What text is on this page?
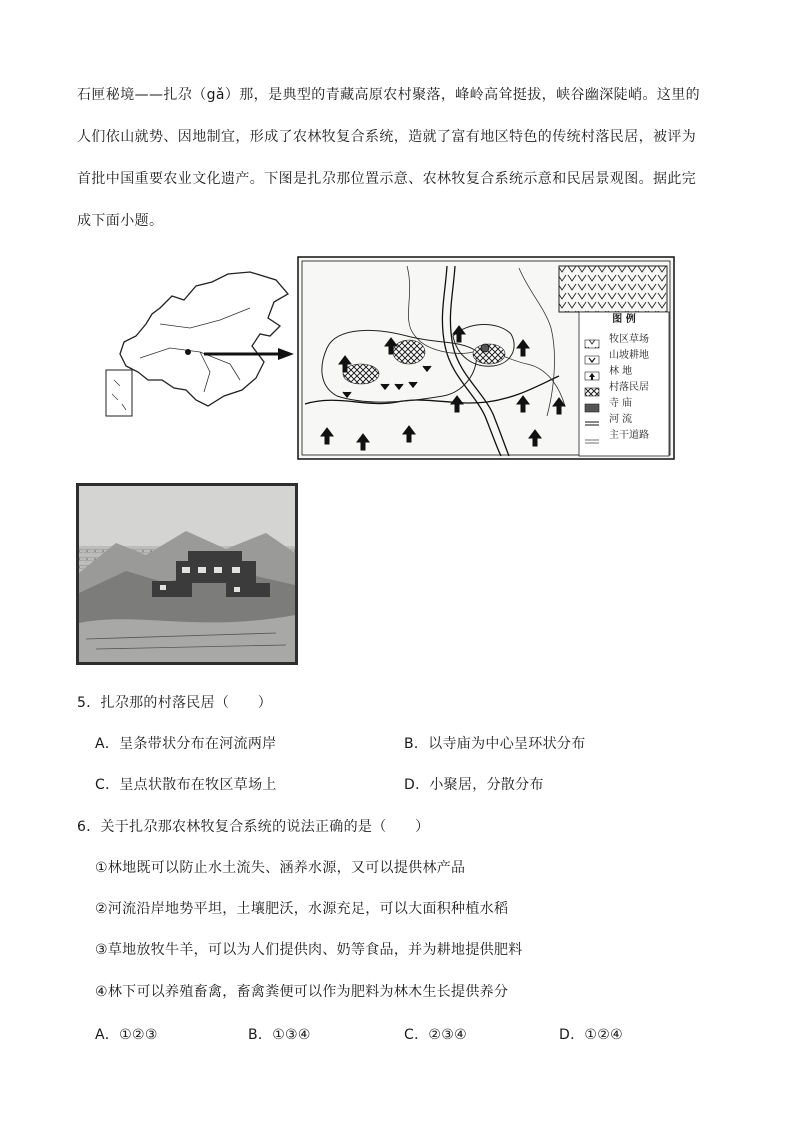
石匣秘境——扎尕（gǎ）那，是典型的青藏高原农村聚落，峰岭高耸挺拔，峡谷幽深陡峭。这里的
人们依山就势、因地制宜，形成了农林牧复合系统，造就了富有地区特色的传统村落民居，被评为
首批中国重要农业文化遗产。下图是扎尕那位置示意、农林牧复合系统示意和民居景观图。据此完
成下面小题。
图 例
牧区草场
山坡耕地
林 地
村落民居
寺 庙
河 流
主干道路
5．扎尕那的村落民居（　　）
A．呈条带状分布在河流两岸	B．以寺庙为中心呈环状分布
C．呈点状散布在牧区草场上	D．小聚居，分散分布
6．关于扎尕那农林牧复合系统的说法正确的是（　　）
①林地既可以防止水土流失、涵养水源，又可以提供林产品
②河流沿岸地势平坦，土壤肥沃，水源充足，可以大面积种植水稻
③草地放牧牛羊，可以为人们提供肉、奶等食品，并为耕地提供肥料
④林下可以养殖畜禽，畜禽粪便可以作为肥料为林木生长提供养分
A．①②③	B．①③④	C．②③④	D．①②④
